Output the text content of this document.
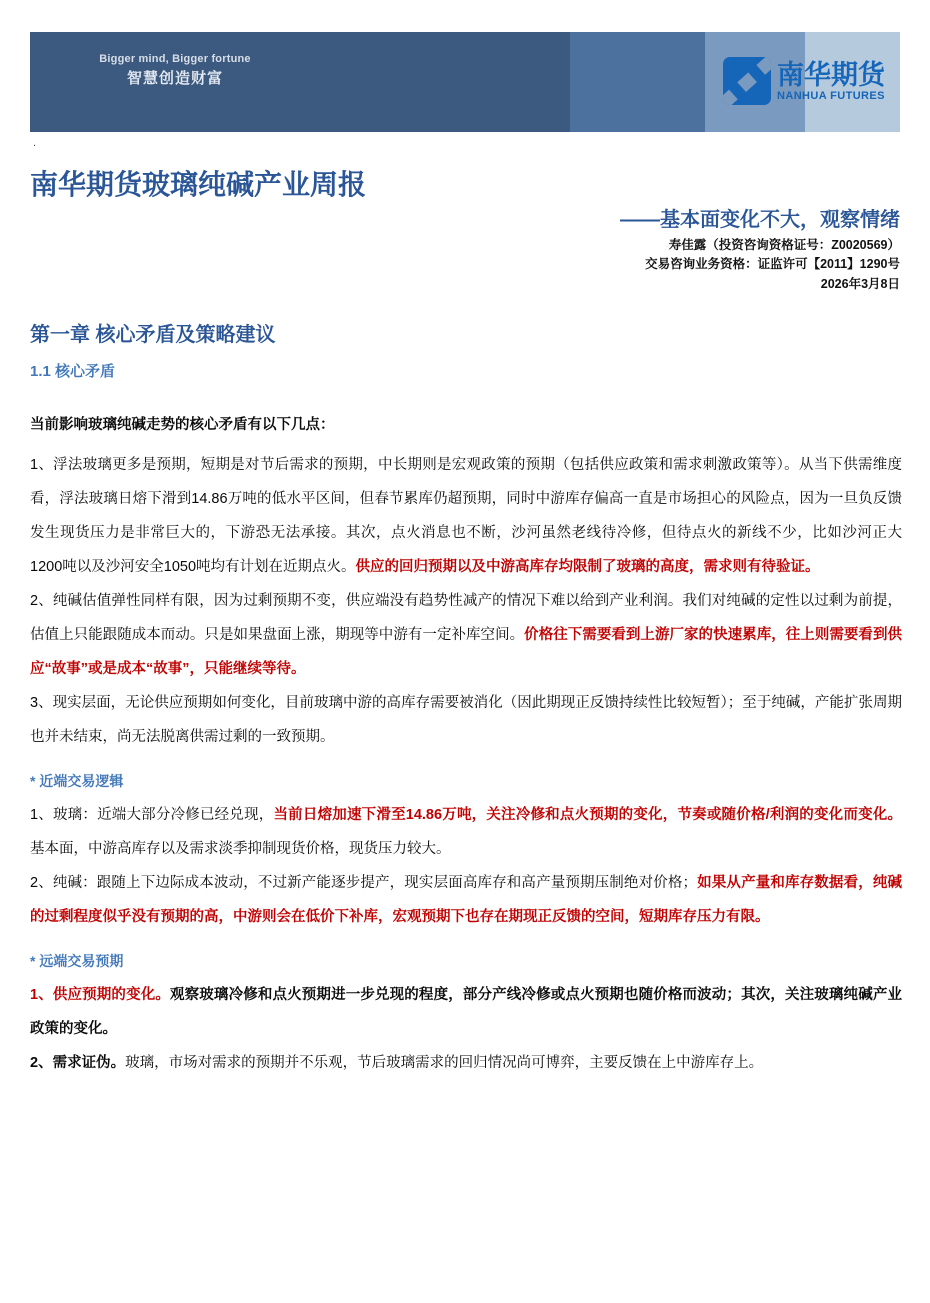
Bigger mind, Bigger fortune
智慧创造财富	南华期货
NANHUA FUTURES
.
南华期货玻璃纯碱产业周报
——基本面变化不大，观察情绪
寿佳露（投资咨询资格证号：Z0020569）
交易咨询业务资格：证监许可【2011】1290号
2026年3月8日
第一章 核心矛盾及策略建议
1.1 核心矛盾

当前影响玻璃纯碱走势的核心矛盾有以下几点：

1、浮法玻璃更多是预期，短期是对节后需求的预期，中长期则是宏观政策的预期（包括供应政策和需求刺激政策等）。从当下供需维度看，浮法玻璃日熔下滑到14.86万吨的低水平区间，但春节累库仍超预期，同时中游库存偏高一直是市场担心的风险点，因为一旦负反馈发生现货压力是非常巨大的，下游恐无法承接。其次，点火消息也不断，沙河虽然老线待冷修，但待点火的新线不少，比如沙河正大1200吨以及沙河安全1050吨均有计划在近期点火。供应的回归预期以及中游高库存均限制了玻璃的高度，需求则有待验证。

2、纯碱估值弹性同样有限，因为过剩预期不变，供应端没有趋势性减产的情况下难以给到产业利润。我们对纯碱的定性以过剩为前提，估值上只能跟随成本而动。只是如果盘面上涨，期现等中游有一定补库空间。价格往下需要看到上游厂家的快速累库，往上则需要看到供应“故事”或是成本“故事”，只能继续等待。

3、现实层面，无论供应预期如何变化，目前玻璃中游的高库存需要被消化（因此期现正反馈持续性比较短暂）；至于纯碱，产能扩张周期也并未结束，尚无法脱离供需过剩的一致预期。

* 近端交易逻辑

1、玻璃：近端大部分冷修已经兑现，当前日熔加速下滑至14.86万吨，关注冷修和点火预期的变化，节奏或随价格/利润的变化而变化。基本面，中游高库存以及需求淡季抑制现货价格，现货压力较大。

2、纯碱：跟随上下边际成本波动，不过新产能逐步提产，现实层面高库存和高产量预期压制绝对价格；如果从产量和库存数据看，纯碱的过剩程度似乎没有预期的高，中游则会在低价下补库，宏观预期下也存在期现正反馈的空间，短期库存压力有限。

* 远端交易预期

1、供应预期的变化。观察玻璃冷修和点火预期进一步兑现的程度，部分产线冷修或点火预期也随价格而波动；其次，关注玻璃纯碱产业政策的变化。

2、需求证伪。玻璃，市场对需求的预期并不乐观，节后玻璃需求的回归情况尚可博弈，主要反馈在上中游库存上。
